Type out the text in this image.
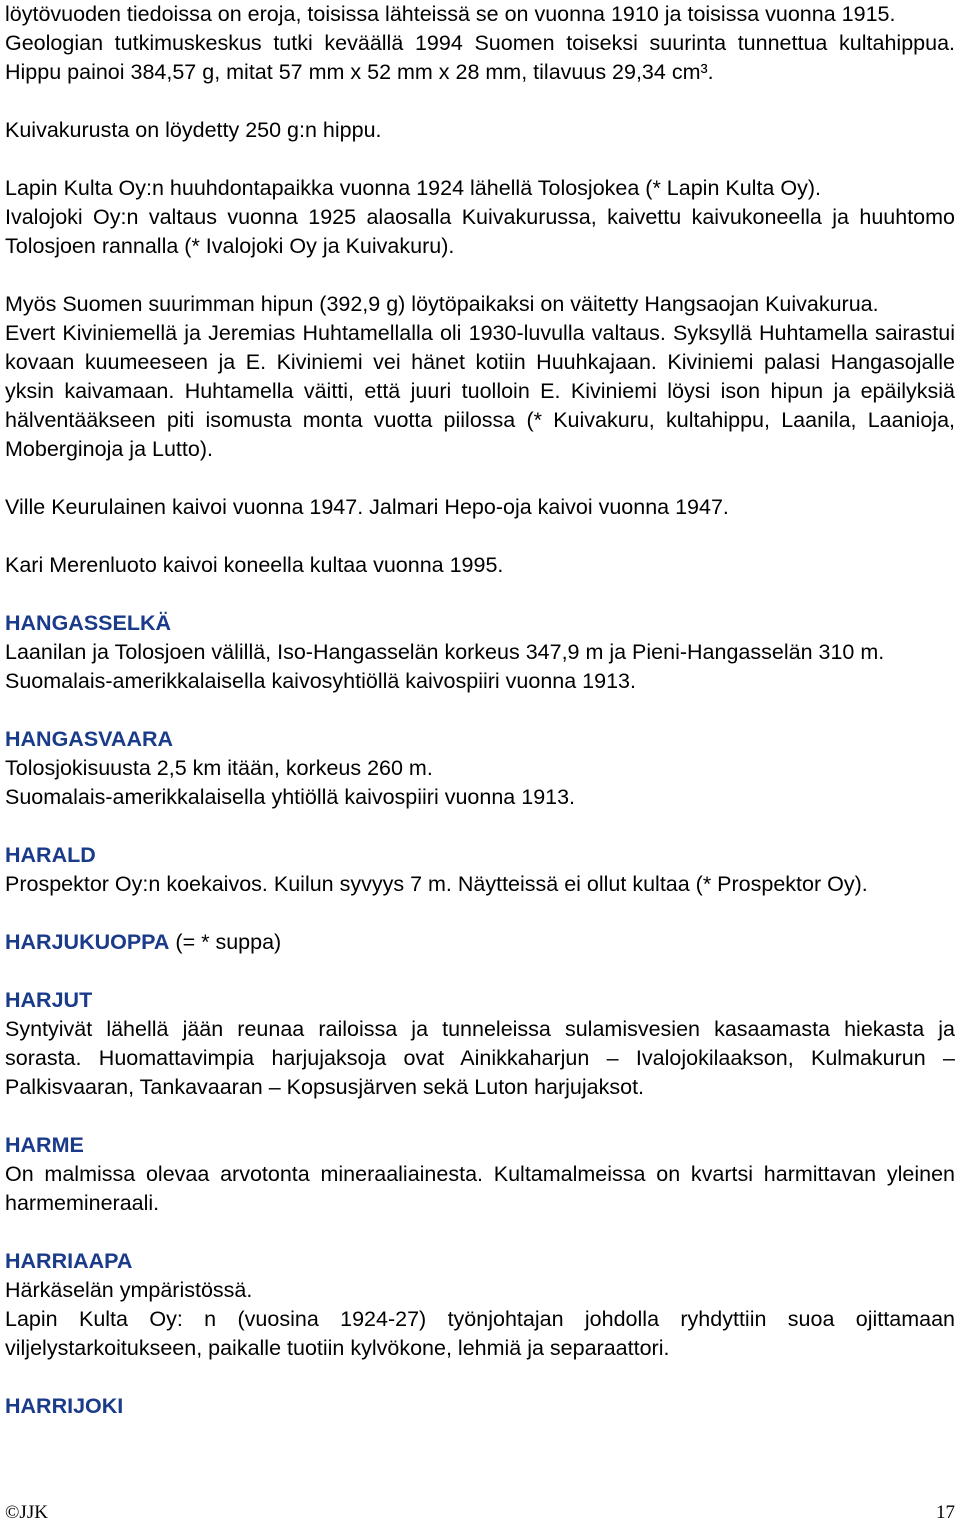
löytövuoden tiedoissa on eroja, toisissa lähteissä se on vuonna 1910 ja toisissa vuonna 1915.

Geologian tutkimuskeskus tutki keväällä 1994 Suomen toiseksi suurinta tunnettua kultahippua. Hippu painoi 384,57 g, mitat 57 mm x 52 mm x 28 mm, tilavuus 29,34 cm³.

Kuivakurusta on löydetty 250 g:n hippu.

Lapin Kulta Oy:n huuhdontapaikka vuonna 1924 lähellä Tolosjokea (* Lapin Kulta Oy).

Ivalojoki Oy:n valtaus vuonna 1925 alaosalla Kuivakurussa, kaivettu kaivukoneella ja huuhtomo Tolosjoen rannalla (* Ivalojoki Oy ja Kuivakuru).

Myös Suomen suurimman hipun (392,9 g) löytöpaikaksi on väitetty Hangsaojan Kuivakurua.

Evert Kiviniemellä ja Jeremias Huhtamellalla oli 1930-luvulla valtaus. Syksyllä Huhtamella sairastui kovaan kuumeeseen ja E. Kiviniemi vei hänet kotiin Huuhkajaan. Kiviniemi palasi Hangasojalle yksin kaivamaan. Huhtamella väitti, että juuri tuolloin E. Kiviniemi löysi ison hipun ja epäilyksiä hälventääkseen piti isomusta monta vuotta piilossa (* Kuivakuru, kultahippu, Laanila, Laanioja, Moberginoja ja Lutto).

Ville Keurulainen kaivoi vuonna 1947. Jalmari Hepo-oja kaivoi vuonna 1947.

Kari Merenluoto kaivoi koneella kultaa vuonna 1995.

HANGASSELKÄ

Laanilan ja Tolosjoen välillä, Iso-Hangasselän korkeus 347,9 m ja Pieni-Hangasselän 310 m.

Suomalais-amerikkalaisella kaivosyhtiöllä kaivospiiri vuonna 1913.

HANGASVAARA

Tolosjokisuusta 2,5 km itään, korkeus 260 m.

Suomalais-amerikkalaisella yhtiöllä kaivospiiri vuonna 1913.

HARALD

Prospektor Oy:n koekaivos. Kuilun syvyys 7 m. Näytteissä ei ollut kultaa (* Prospektor Oy).

HARJUKUOPPA (= * suppa)

HARJUT

Syntyivät lähellä jään reunaa railoissa ja tunneleissa sulamisvesien kasaamasta hiekasta ja sorasta. Huomattavimpia harjujaksoja ovat Ainikkaharjun – Ivalojokilaakson, Kulmakurun – Palkisvaaran, Tankavaaran – Kopsusjärven sekä Luton harjujaksot.

HARME

On malmissa olevaa arvotonta mineraaliainesta. Kultamalmeissa on kvartsi harmittavan yleinen harmemineraali.

HARRIAAPA

Härkäselän ympäristössä.

Lapin Kulta Oy: n (vuosina 1924-27) työnjohtajan johdolla ryhdyttiin suoa ojittamaan viljelystarkoitukseen, paikalle tuotiin kylvökone, lehmiä ja separaattori.

HARRIJOKI

©JJK	17
